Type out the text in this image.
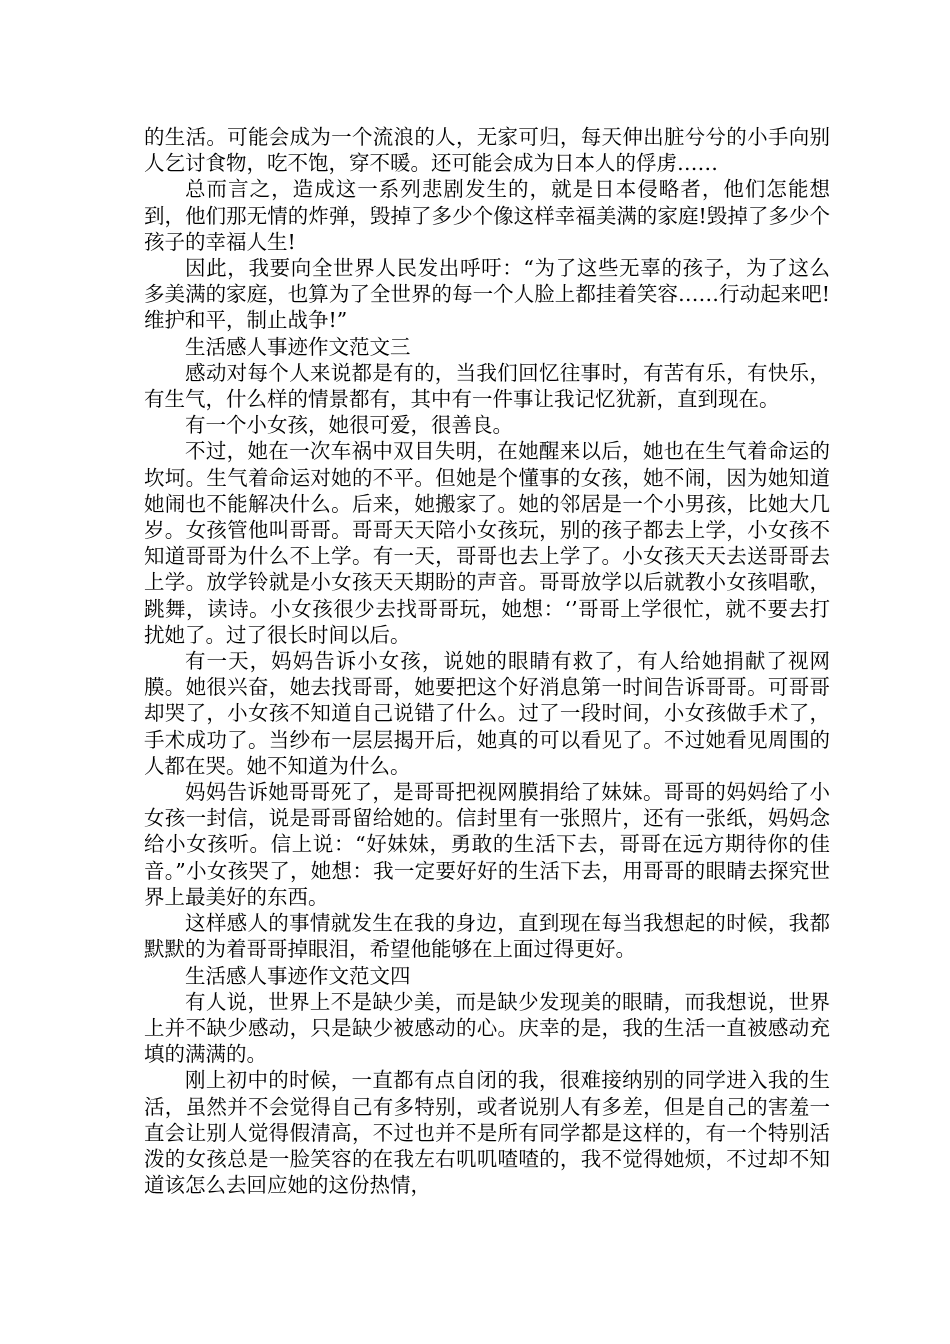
的生活。可能会成为一个流浪的人，无家可归，每天伸出脏兮兮的小手向别人乞讨食物，吃不饱，穿不暖。还可能会成为日本人的俘虏……

总而言之，造成这一系列悲剧发生的，就是日本侵略者，他们怎能想到，他们那无情的炸弹，毁掉了多少个像这样幸福美满的家庭!毁掉了多少个孩子的幸福人生!

因此，我要向全世界人民发出呼吁：“为了这些无辜的孩子，为了这么多美满的家庭，也算为了全世界的每一个人脸上都挂着笑容……行动起来吧!维护和平，制止战争!”

生活感人事迹作文范文三

感动对每个人来说都是有的，当我们回忆往事时，有苦有乐，有快乐，有生气，什么样的情景都有，其中有一件事让我记忆犹新，直到现在。

有一个小女孩，她很可爱，很善良。

不过，她在一次车祸中双目失明，在她醒来以后，她也在生气着命运的坎坷。生气着命运对她的不平。但她是个懂事的女孩，她不闹，因为她知道她闹也不能解决什么。后来，她搬家了。她的邻居是一个小男孩，比她大几岁。女孩管他叫哥哥。哥哥天天陪小女孩玩，别的孩子都去上学，小女孩不知道哥哥为什么不上学。有一天，哥哥也去上学了。小女孩天天去送哥哥去上学。放学铃就是小女孩天天期盼的声音。哥哥放学以后就教小女孩唱歌，跳舞，读诗。小女孩很少去找哥哥玩，她想：‘’哥哥上学很忙，就不要去打扰她了。过了很长时间以后。

有一天，妈妈告诉小女孩，说她的眼睛有救了，有人给她捐献了视网膜。她很兴奋，她去找哥哥，她要把这个好消息第一时间告诉哥哥。可哥哥却哭了，小女孩不知道自己说错了什么。过了一段时间，小女孩做手术了，手术成功了。当纱布一层层揭开后，她真的可以看见了。不过她看见周围的人都在哭。她不知道为什么。

妈妈告诉她哥哥死了，是哥哥把视网膜捐给了妹妹。哥哥的妈妈给了小女孩一封信，说是哥哥留给她的。信封里有一张照片，还有一张纸，妈妈念给小女孩听。信上说：“好妹妹，勇敢的生活下去，哥哥在远方期待你的佳音。”小女孩哭了，她想：我一定要好好的生活下去，用哥哥的眼睛去探究世界上最美好的东西。

这样感人的事情就发生在我的身边，直到现在每当我想起的时候，我都默默的为着哥哥掉眼泪，希望他能够在上面过得更好。

生活感人事迹作文范文四

有人说，世界上不是缺少美，而是缺少发现美的眼睛，而我想说，世界上并不缺少感动，只是缺少被感动的心。庆幸的是，我的生活一直被感动充填的满满的。

刚上初中的时候，一直都有点自闭的我，很难接纳别的同学进入我的生活，虽然并不会觉得自己有多特别，或者说别人有多差，但是自己的害羞一直会让别人觉得假清高，不过也并不是所有同学都是这样的，有一个特别活泼的女孩总是一脸笑容的在我左右叽叽喳喳的，我不觉得她烦，不过却不知道该怎么去回应她的这份热情，
